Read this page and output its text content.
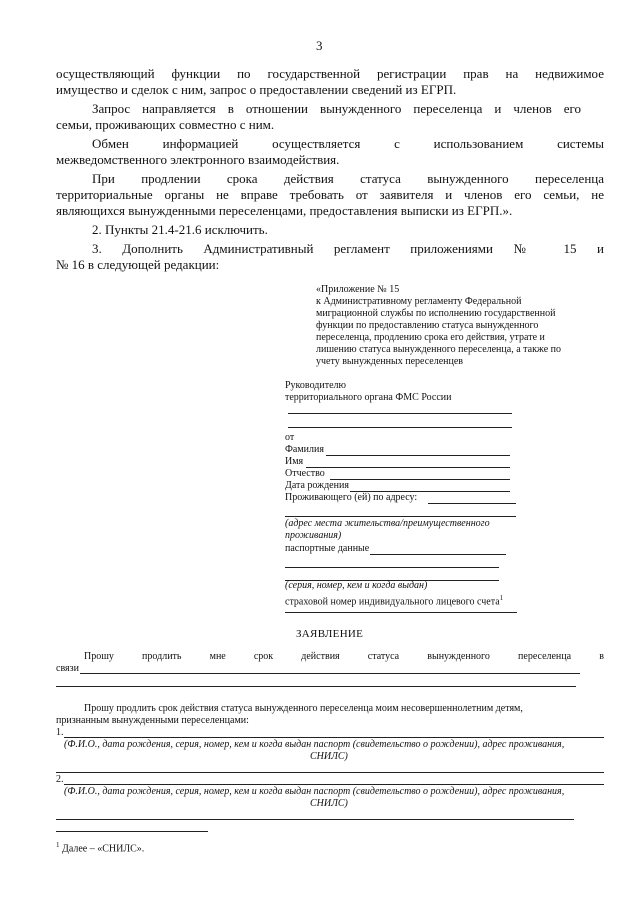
3
осуществляющий функции по государственной регистрации прав на недвижимое
имущество и сделок с ним, запрос о предоставлении сведений из ЕГРП.
Запрос направляется в отношении вынужденного переселенца и членов его
семьи, проживающих совместно с ним.
Обмен информацией осуществляется с использованием системы
межведомственного электронного взаимодействия.
При продлении срока действия статуса вынужденного переселенца
территориальные органы не вправе требовать от заявителя и членов его семьи, не
являющихся вынужденными переселенцами, предоставления выписки из ЕГРП.».
2. Пункты 21.4-21.6 исключить.
3. Дополнить Административный регламент приложениями № 15 и
№ 16 в следующей редакции:
«Приложение № 15
к Административному регламенту Федеральной
миграционной службы по исполнению государственной
функции по предоставлению статуса вынужденного
переселенца, продлению срока его действия, утрате и
лишению статуса вынужденного переселенца, а также по
учету вынужденных переселенцев
Руководителю
территориального органа ФМС России
от
Фамилия
Имя
Отчество
Дата рождения
Проживающего (ей) по адресу:
(адрес места жительства/преимущественного
проживания)
паспортные данные
(серия, номер, кем и когда выдан)
страховой номер индивидуального лицевого счета$^1$
ЗАЯВЛЕНИЕ
Прошу	продлить	мне	срок	действия	статуса	вынужденного	переселенца	в
связи
Прошу продлить срок действия статуса вынужденного переселенца моим несовершеннолетним детям,
признанным вынужденными переселенцами:
1.
(Ф.И.О., дата рождения, серия, номер, кем и когда выдан паспорт (свидетельство о рождении), адрес проживания,
СНИЛС)
2.
(Ф.И.О., дата рождения, серия, номер, кем и когда выдан паспорт (свидетельство о рождении), адрес проживания,
СНИЛС)
$^1$ Далее – «СНИЛС».
